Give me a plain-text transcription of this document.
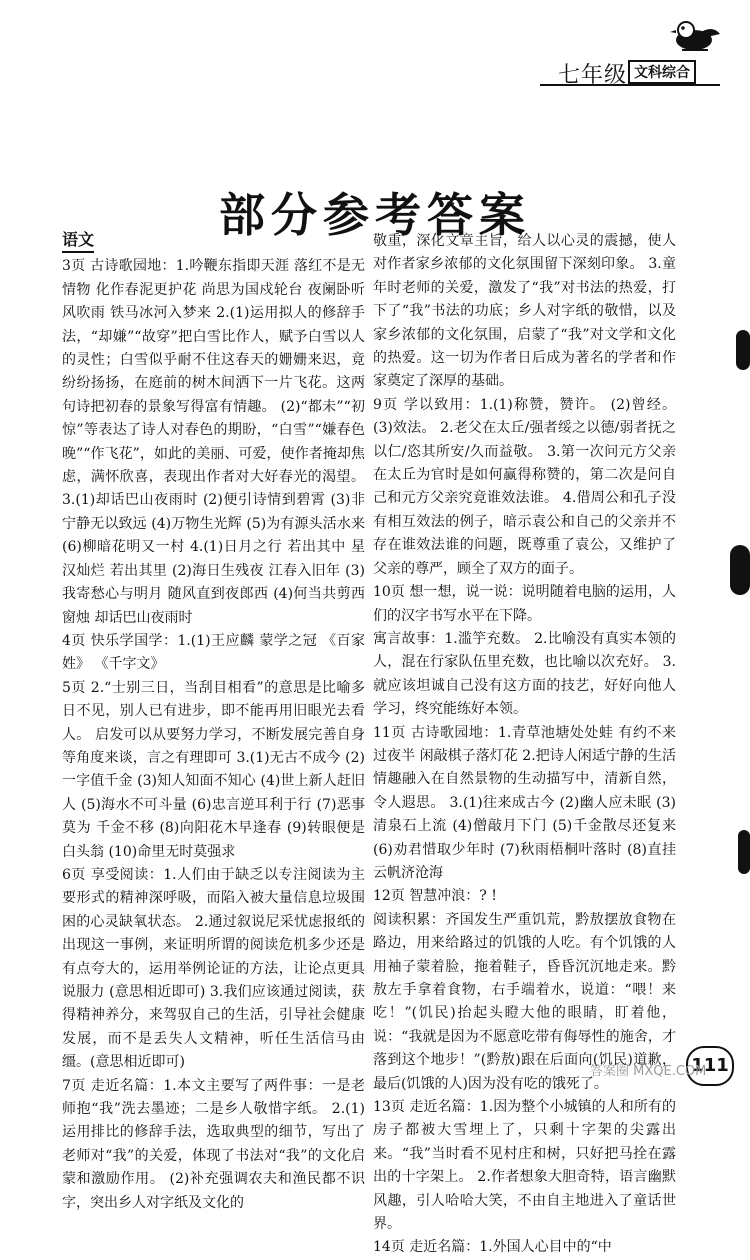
七年级 文科综合
部分参考答案
语文

3页 古诗歌园地：1.吟鞭东指即天涯 落红不是无情物 化作春泥更护花 尚思为国戍轮台 夜阑卧听风吹雨 铁马冰河入梦来 2.(1)运用拟人的修辞手法，“却嫌”“故穿”把白雪比作人，赋予白雪以人的灵性；白雪似乎耐不住这春天的姗姗来迟，竟纷纷扬扬，在庭前的树木间洒下一片飞花。这两句诗把初春的景象写得富有情趣。 (2)“都未”“初惊”等表达了诗人对春色的期盼，“白雪”“嫌春色晚”“作飞花”，如此的美丽、可爱，使作者掩却焦虑，满怀欣喜，表现出作者对大好春光的渴望。 3.(1)却话巴山夜雨时 (2)便引诗情到碧霄 (3)非宁静无以致远 (4)万物生光辉 (5)为有源头活水来 (6)柳暗花明又一村 4.(1)日月之行 若出其中 星汉灿烂 若出其里 (2)海日生残夜 江春入旧年 (3)我寄愁心与明月 随风直到夜郎西 (4)何当共剪西窗烛 却话巴山夜雨时

4页 快乐学国学：1.(1)王应麟 蒙学之冠 《百家姓》 《千字文》

5页 2.“士别三日，当刮目相看”的意思是比喻多日不见，别人已有进步，即不能再用旧眼光去看人。 启发可以从要努力学习，不断发展完善自身等角度来谈，言之有理即可 3.(1)无古不成今 (2)一字值千金 (3)知人知面不知心 (4)世上新人赶旧人 (5)海水不可斗量 (6)忠言逆耳利于行 (7)恶事莫为 千金不移 (8)向阳花木早逢春 (9)转眼便是白头翁 (10)命里无时莫强求

6页 享受阅读：1.人们由于缺乏以专注阅读为主要形式的精神深呼吸，而陷入被大量信息垃圾围困的心灵缺氧状态。 2.通过叙说尼采忧虑报纸的出现这一事例，来证明所谓的阅读危机多少还是有点夸大的，运用举例论证的方法，让论点更具说服力 (意思相近即可) 3.我们应该通过阅读，获得精神养分，来驾驭自己的生活，引导社会健康发展，而不是丢失人文精神，听任生活信马由缰。(意思相近即可)

7页 走近名篇：1.本文主要写了两件事：一是老师抱“我”洗去墨迹；二是乡人敬惜字纸。 2.(1)运用排比的修辞手法，选取典型的细节，写出了老师对“我”的关爱，体现了书法对“我”的文化启蒙和激励作用。 (2)补充强调农夫和渔民都不识字，突出乡人对字纸及文化的

敬重，深化文章主旨，给人以心灵的震撼，使人对作者家乡浓郁的文化氛围留下深刻印象。 3.童年时老师的关爱，激发了“我”对书法的热爱，打下了“我”书法的功底；乡人对字纸的敬惜，以及家乡浓郁的文化氛围，启蒙了“我”对文学和文化的热爱。这一切为作者日后成为著名的学者和作家奠定了深厚的基础。

9页 学以致用：1.(1)称赞，赞许。 (2)曾经。 (3)效法。 2.老父在太丘/强者绥之以德/弱者抚之以仁/恣其所安/久而益敬。 3.第一次问元方父亲在太丘为官时是如何赢得称赞的，第二次是问自己和元方父亲究竟谁效法谁。 4.借周公和孔子没有相互效法的例子，暗示袁公和自己的父亲并不存在谁效法谁的问题，既尊重了袁公，又维护了父亲的尊严，顾全了双方的面子。

10页 想一想，说一说：说明随着电脑的运用，人们的汉字书写水平在下降。

寓言故事：1.滥竽充数。 2.比喻没有真实本领的人，混在行家队伍里充数，也比喻以次充好。 3.就应该坦诚自己没有这方面的技艺，好好向他人学习，终究能练好本领。

11页 古诗歌园地：1.青草池塘处处蛙 有约不来过夜半 闲敲棋子落灯花 2.把诗人闲适宁静的生活情趣融入在自然景物的生动描写中，清新自然，令人遐思。 3.(1)往来成古今 (2)幽人应未眠 (3)清泉石上流 (4)僧敲月下门 (5)千金散尽还复来 (6)劝君惜取少年时 (7)秋雨梧桐叶落时 (8)直挂云帆济沧海

12页 智慧冲浪：? !

阅读积累：齐国发生严重饥荒，黔敖摆放食物在路边，用来给路过的饥饿的人吃。有个饥饿的人用袖子蒙着脸，拖着鞋子，昏昏沉沉地走来。黔敖左手拿着食物，右手端着水，说道：“喂！来吃！”(饥民)抬起头瞪大他的眼睛，盯着他，说：“我就是因为不愿意吃带有侮辱性的施舍，才落到这个地步！”(黔敖)跟在后面向(饥民)道歉，最后(饥饿的人)因为没有吃的饿死了。

13页 走近名篇：1.因为整个小城镇的人和所有的房子都被大雪埋上了，只剩十字架的尖露出来。“我”当时看不见村庄和树，只好把马拴在露出的十字架上。 2.作者想象大胆奇特，语言幽默风趣，引人哈哈大笑，不由自主地进入了童话世界。

14页 走近名篇：1.外国人心目中的“中

111
答案圈 MXQE.COM
